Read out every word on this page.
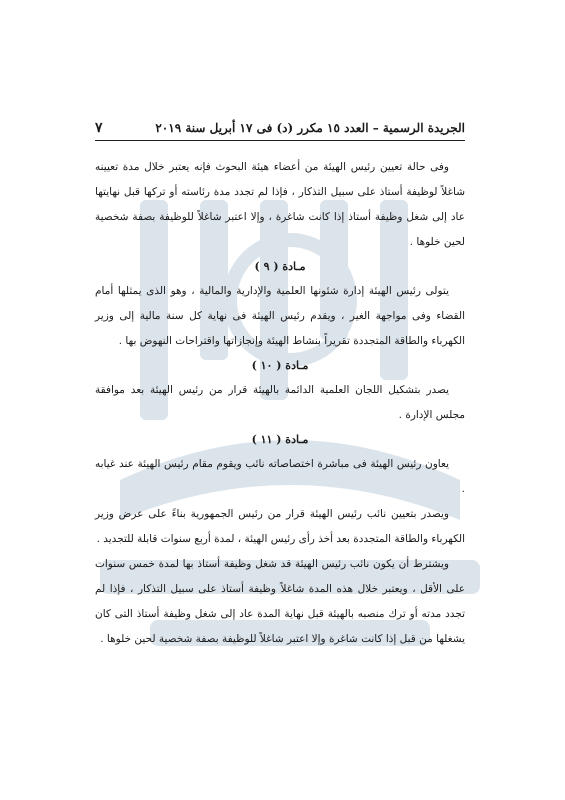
الجريدة الرسمية – العدد ١٥ مكرر (د) فى ١٧ أبريل سنة ٢٠١٩
٧

وفى حالة تعيين رئيس الهيئة من أعضاء هيئة البحوث فإنه يعتبر خلال مدة تعيينه شاغلاً لوظيفة أستاذ على سبيل التذكار ، فإذا لم تجدد مدة رئاسته أو تركها قبل نهايتها عاد إلى شغل وظيفة أستاذ إذا كانت شاغرة ، وإلا اعتبر شاغلاً للوظيفة بصفة شخصية لحين خلوها .

مـادة ( ٩ )

يتولى رئيس الهيئة إدارة شئونها العلمية والإدارية والمالية ، وهو الذى يمثلها أمام القضاء وفى مواجهة الغير ، ويقدم رئيس الهيئة فى نهاية كل سنة مالية إلى وزير الكهرباء والطاقة المتجددة تقريراً بنشاط الهيئة وإنجازاتها واقتراحات النهوض بها .

مـادة ( ١٠ )

يصدر بتشكيل اللجان العلمية الدائمة بالهيئة قرار من رئيس الهيئة بعد موافقة مجلس الإدارة .

مـادة ( ١١ )

يعاون رئيس الهيئة فى مباشرة اختصاصاته نائب ويقوم مقام رئيس الهيئة عند غيابه .

ويصدر بتعيين نائب رئيس الهيئة قرار من رئيس الجمهورية بناءً على عرض وزير الكهرباء والطاقة المتجددة بعد أخذ رأى رئيس الهيئة ، لمدة أربع سنوات قابلة للتجديد .

ويشترط أن يكون نائب رئيس الهيئة قد شغل وظيفة أستاذ بها لمدة خمس سنوات على الأقل ، ويعتبر خلال هذه المدة شاغلاً وظيفة أستاذ على سبيل التذكار ، فإذا لم تجدد مدته أو ترك منصبه بالهيئة قبل نهاية المدة عاد إلى شغل وظيفة أستاذ التى كان يشغلها من قبل إذا كانت شاغرة وإلا اعتبر شاغلاً للوظيفة بصفة شخصية لحين خلوها .
